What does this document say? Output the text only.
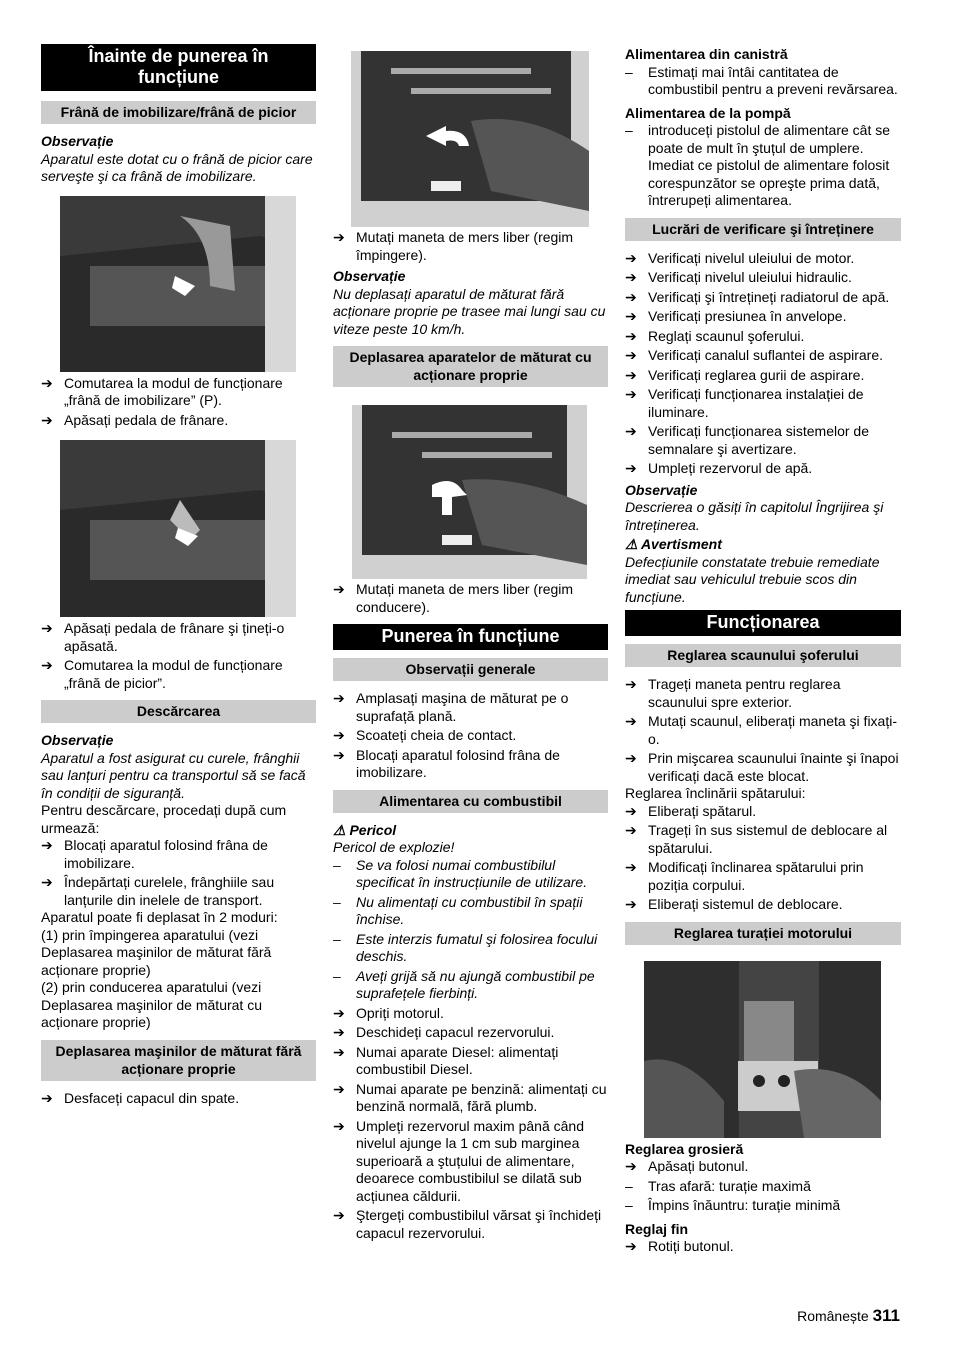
Înainte de punerea în funcțiune
Frână de imobilizare/frână de picior
Observație
Aparatul este dotat cu o frână de picior care serveşte şi ca frână de imobilizare.
➔ Comutarea la modul de funcționare „frână de imobilizare” (P).
➔ Apăsați pedala de frânare.
➔ Apăsați pedala de frânare şi țineți-o apăsată.
➔ Comutarea la modul de funcționare „frână de picior”.
Descărcarea
Observație
Aparatul a fost asigurat cu curele, frânghii sau lanțuri pentru ca transportul să se facă în condiții de siguranță.
Pentru descărcare, procedați după cum urmează:
➔ Blocați aparatul folosind frâna de imobilizare.
➔ Îndepărtați curelele, frânghiile sau lanțurile din inelele de transport.
Aparatul poate fi deplasat în 2 moduri:
(1) prin împingerea aparatului (vezi Deplasarea maşinilor de măturat fără acționare proprie)
(2) prin conducerea aparatului (vezi Deplasarea maşinilor de măturat cu acționare proprie)
Deplasarea maşinilor de măturat fără acționare proprie
➔ Desfaceți capacul din spate.
➔ Mutați maneta de mers liber (regim împingere).
Observație
Nu deplasați aparatul de măturat fără acționare proprie pe trasee mai lungi sau cu viteze peste 10 km/h.
Deplasarea aparatelor de măturat cu acționare proprie
➔ Mutați maneta de mers liber (regim conducere).
Punerea în funcțiune
Observații generale
➔ Amplasați maşina de măturat pe o suprafață plană.
➔ Scoateți cheia de contact.
➔ Blocați aparatul folosind frâna de imobilizare.
Alimentarea cu combustibil
⚠ Pericol
Pericol de explozie!
–	Se va folosi numai combustibilul specificat în instrucțiunile de utilizare.
–	Nu alimentați cu combustibil în spații închise.
–	Este interzis fumatul şi folosirea focului deschis.
–	Aveți grijă să nu ajungă combustibil pe suprafețele fierbinți.
➔ Opriți motorul.
➔ Deschideți capacul rezervorului.
➔ Numai aparate Diesel: alimentați combustibil Diesel.
➔ Numai aparate pe benzină: alimentați cu benzină normală, fără plumb.
➔ Umpleți rezervorul maxim până când nivelul ajunge la 1 cm sub marginea superioară a ştuțului de alimentare, deoarece combustibilul se dilată sub acțiunea căldurii.
➔ Ştergeți combustibilul vărsat şi închideți capacul rezervorului.
Alimentarea din canistră
–	Estimați mai întâi cantitatea de combustibil pentru a preveni revărsarea.
Alimentarea de la pompă
–	introduceți pistolul de alimentare cât se poate de mult în ştuțul de umplere. Imediat ce pistolul de alimentare folosit corespunzător se opreşte prima dată, întrerupeți alimentarea.
Lucrări de verificare şi întreținere
➔ Verificați nivelul uleiului de motor.
➔ Verificați nivelul uleiului hidraulic.
➔ Verificați şi întrețineți radiatorul de apă.
➔ Verificați presiunea în anvelope.
➔ Reglați scaunul şoferului.
➔ Verificați canalul suflantei de aspirare.
➔ Verificați reglarea gurii de aspirare.
➔ Verificați funcționarea instalației de iluminare.
➔ Verificați funcționarea sistemelor de semnalare şi avertizare.
➔ Umpleți rezervorul de apă.
Observație
Descrierea o găsiți în capitolul Îngrijirea şi întreținerea.
⚠ Avertisment
Defecțiunile constatate trebuie remediate imediat sau vehiculul trebuie scos din funcțiune.
Funcționarea
Reglarea scaunului şoferului
➔ Trageți maneta pentru reglarea scaunului spre exterior.
➔ Mutați scaunul, eliberați maneta şi fixați-o.
➔ Prin mişcarea scaunului înainte şi înapoi verificați dacă este blocat.
Reglarea înclinării spătarului:
➔ Eliberați spătarul.
➔ Trageți în sus sistemul de deblocare al spătarului.
➔ Modificați înclinarea spătarului prin poziția corpului.
➔ Eliberați sistemul de deblocare.
Reglarea turației motorului
Reglarea grosieră
➔ Apăsați butonul.
–	Tras afară: turație maximă
–	Împins înăuntru: turație minimă
Reglaj fin
➔ Rotiți butonul.
Românește 311
